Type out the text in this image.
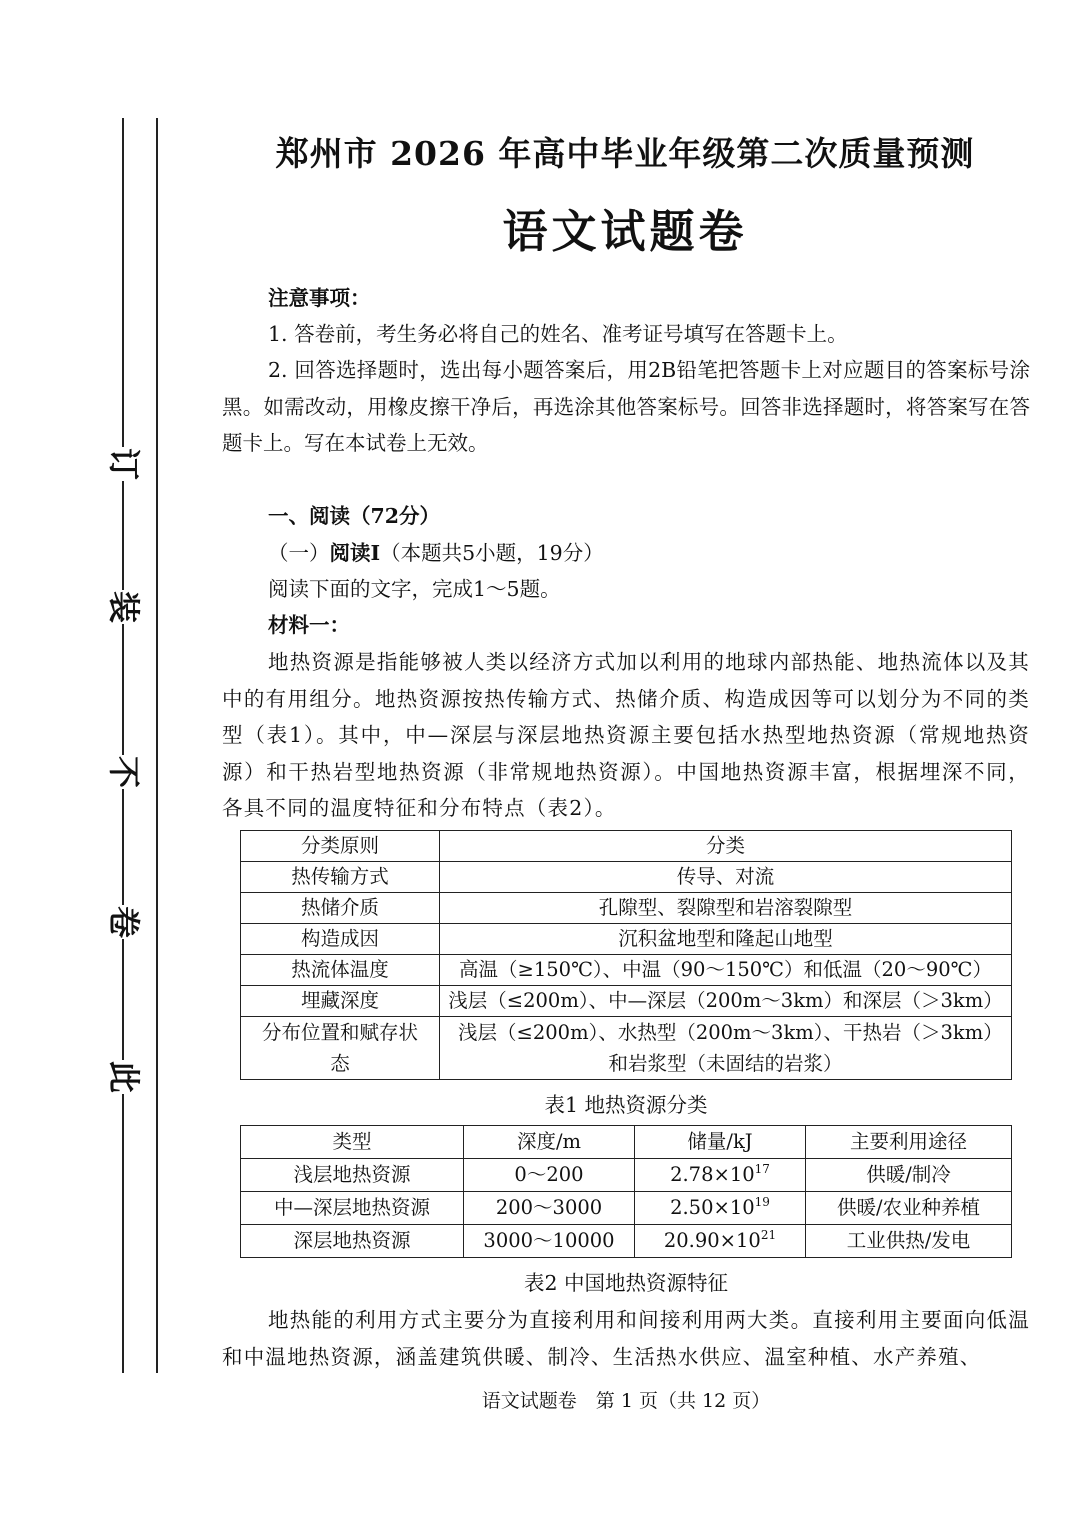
订
装
不
卷
此
郑州市 2026 年高中毕业年级第二次质量预测
语文试题卷
注意事项：
1. 答卷前，考生务必将自己的姓名、准考证号填写在答题卡上。
2. 回答选择题时，选出每小题答案后，用2B铅笔把答题卡上对应题目的答案标号涂黑。如需改动，用橡皮擦干净后，再选涂其他答案标号。回答非选择题时，将答案写在答题卡上。写在本试卷上无效。
一、阅读（72分）
（一）阅读Ⅰ（本题共5小题，19分）
阅读下面的文字，完成1～5题。
材料一：
地热资源是指能够被人类以经济方式加以利用的地球内部热能、地热流体以及其中的有用组分。地热资源按热传输方式、热储介质、构造成因等可以划分为不同的类型（表1）。其中，中—深层与深层地热资源主要包括水热型地热资源（常规地热资源）和干热岩型地热资源（非常规地热资源）。中国地热资源丰富，根据埋深不同，各具不同的温度特征和分布特点（表2）。
分类原则	分类
热传输方式	传导、对流
热储介质	孔隙型、裂隙型和岩溶裂隙型
构造成因	沉积盆地型和隆起山地型
热流体温度	高温（≥150℃）、中温（90～150℃）和低温（20～90℃）
埋藏深度	浅层（≤200m）、中—深层（200m～3km）和深层（＞3km）
分布位置和赋存状态	浅层（≤200m）、水热型（200m～3km）、干热岩（＞3km）和岩浆型（未固结的岩浆）
表1 地热资源分类
类型	深度/m	储量/kJ	主要利用途径
浅层地热资源	0～200	$2.78\times 10^{17}$	供暖/制冷
中—深层地热资源	200～3000	$2.50\times 10^{19}$	供暖/农业种养植
深层地热资源	3000～10000	$20.90\times 10^{21}$	工业供热/发电
表2 中国地热资源特征
地热能的利用方式主要分为直接利用和间接利用两大类。直接利用主要面向低温和中温地热资源，涵盖建筑供暖、制冷、生活热水供应、温室种植、水产养殖、
语文试题卷　第 1 页（共 12 页）
